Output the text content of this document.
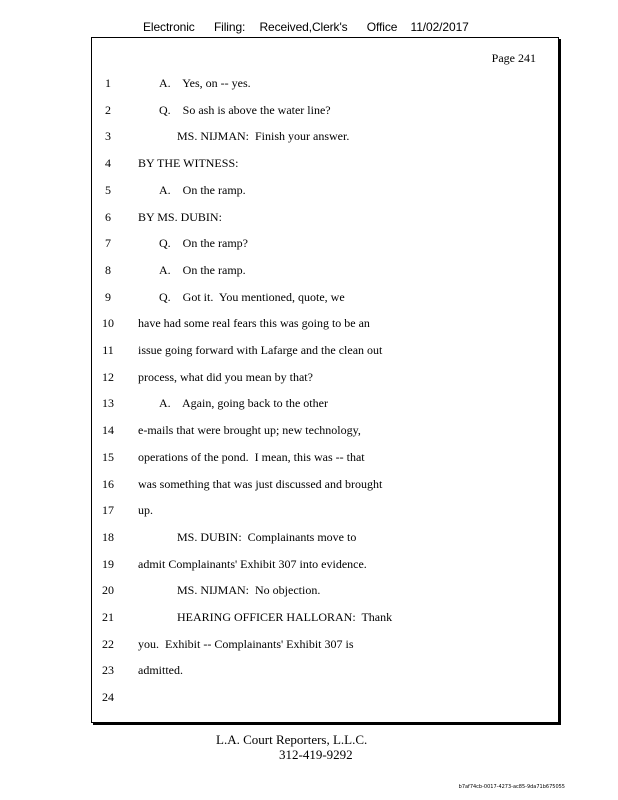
Electronic Filing: Received,Clerk's Office 11/02/2017
Page 241
1	A.    Yes, on -- yes.
2	Q.    So ash is above the water line?
3	MS. NIJMAN:  Finish your answer.
4	BY THE WITNESS:
5	A.    On the ramp.
6	BY MS. DUBIN:
7	Q.    On the ramp?
8	A.    On the ramp.
9	Q.    Got it.  You mentioned, quote, we
10	have had some real fears this was going to be an
11	issue going forward with Lafarge and the clean out
12	process, what did you mean by that?
13	A.    Again, going back to the other
14	e-mails that were brought up; new technology,
15	operations of the pond.  I mean, this was -- that
16	was something that was just discussed and brought
17	up.
18	MS. DUBIN:  Complainants move to
19	admit Complainants' Exhibit 307 into evidence.
20	MS. NIJMAN:  No objection.
21	HEARING OFFICER HALLORAN:  Thank
22	you.  Exhibit -- Complainants' Exhibit 307 is
23	admitted.
24
L.A. Court Reporters, L.L.C.
312-419-9292
b7af74cb-0017-4273-ac85-9da71b675055
